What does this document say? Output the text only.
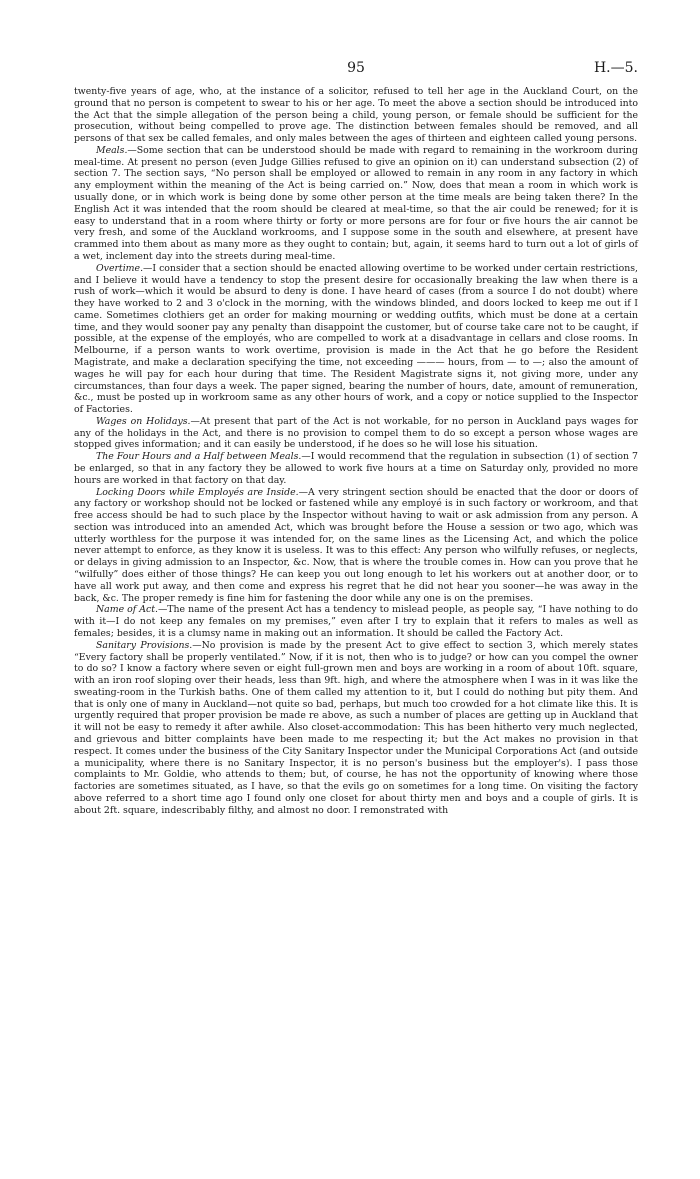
95	H.—5.

twenty-five years of age, who, at the instance of a solicitor, refused to tell her age in the Auckland Court, on the ground that no person is competent to swear to his or her age. To meet the above a section should be introduced into the Act that the simple allegation of the person being a child, young person, or female should be sufficient for the prosecution, without being compelled to prove age. The distinction between females should be removed, and all persons of that sex be called females, and only males between the ages of thirteen and eighteen called young persons.

Meals.—Some section that can be understood should be made with regard to remaining in the workroom during meal-time. At present no person (even Judge Gillies refused to give an opinion on it) can understand subsection (2) of section 7. The section says, “No person shall be employed or allowed to remain in any room in any factory in which any employment within the meaning of the Act is being carried on.” Now, does that mean a room in which work is usually done, or in which work is being done by some other person at the time meals are being taken there? In the English Act it was intended that the room should be cleared at meal-time, so that the air could be renewed; for it is easy to understand that in a room where thirty or forty or more persons are for four or five hours the air cannot be very fresh, and some of the Auckland workrooms, and I suppose some in the south and elsewhere, at present have crammed into them about as many more as they ought to contain; but, again, it seems hard to turn out a lot of girls of a wet, inclement day into the streets during meal-time.

Overtime.—I consider that a section should be enacted allowing overtime to be worked under certain restrictions, and I believe it would have a tendency to stop the present desire for occasionally breaking the law when there is a rush of work—which it would be absurd to deny is done. I have heard of cases (from a source I do not doubt) where they have worked to 2 and 3 o'clock in the morning, with the windows blinded, and doors locked to keep me out if I came. Sometimes clothiers get an order for making mourning or wedding outfits, which must be done at a certain time, and they would sooner pay any penalty than disappoint the customer, but of course take care not to be caught, if possible, at the expense of the employés, who are compelled to work at a disadvantage in cellars and close rooms. In Melbourne, if a person wants to work overtime, provision is made in the Act that he go before the Resident Magistrate, and make a declaration specifying the time, not exceeding ——— hours, from — to —; also the amount of wages he will pay for each hour during that time. The Resident Magistrate signs it, not giving more, under any circumstances, than four days a week. The paper signed, bearing the number of hours, date, amount of remuneration, &c., must be posted up in workroom same as any other hours of work, and a copy or notice supplied to the Inspector of Factories.

Wages on Holidays.—At present that part of the Act is not workable, for no person in Auckland pays wages for any of the holidays in the Act, and there is no provision to compel them to do so except a person whose wages are stopped gives information; and it can easily be understood, if he does so he will lose his situation.

The Four Hours and a Half between Meals.—I would recommend that the regulation in subsection (1) of section 7 be enlarged, so that in any factory they be allowed to work five hours at a time on Saturday only, provided no more hours are worked in that factory on that day.

Locking Doors while Employés are Inside.—A very stringent section should be enacted that the door or doors of any factory or workshop should not be locked or fastened while any employé is in such factory or workroom, and that free access should be had to such place by the Inspector without having to wait or ask admission from any person. A section was introduced into an amended Act, which was brought before the House a session or two ago, which was utterly worthless for the purpose it was intended for, on the same lines as the Licensing Act, and which the police never attempt to enforce, as they know it is useless. It was to this effect: Any person who wilfully refuses, or neglects, or delays in giving admission to an Inspector, &c. Now, that is where the trouble comes in. How can you prove that he “wilfully” does either of those things? He can keep you out long enough to let his workers out at another door, or to have all work put away, and then come and express his regret that he did not hear you sooner—he was away in the back, &c. The proper remedy is fine him for fastening the door while any one is on the premises.

Name of Act.—The name of the present Act has a tendency to mislead people, as people say, “I have nothing to do with it—I do not keep any females on my premises,” even after I try to explain that it refers to males as well as females; besides, it is a clumsy name in making out an information. It should be called the Factory Act.

Sanitary Provisions.—No provision is made by the present Act to give effect to section 3, which merely states “Every factory shall be properly ventilated.” Now, if it is not, then who is to judge? or how can you compel the owner to do so? I know a factory where seven or eight full-grown men and boys are working in a room of about 10ft. square, with an iron roof sloping over their heads, less than 9ft. high, and where the atmosphere when I was in it was like the sweating-room in the Turkish baths. One of them called my attention to it, but I could do nothing but pity them. And that is only one of many in Auckland—not quite so bad, perhaps, but much too crowded for a hot climate like this. It is urgently required that proper provision be made re above, as such a number of places are getting up in Auckland that it will not be easy to remedy it after awhile. Also closet-accommodation: This has been hitherto very much neglected, and grievous and bitter complaints have been made to me respecting it; but the Act makes no provision in that respect. It comes under the business of the City Sanitary Inspector under the Municipal Corporations Act (and outside a municipality, where there is no Sanitary Inspector, it is no person's business but the employer's). I pass those complaints to Mr. Goldie, who attends to them; but, of course, he has not the opportunity of knowing where those factories are sometimes situated, as I have, so that the evils go on sometimes for a long time. On visiting the factory above referred to a short time ago I found only one closet for about thirty men and boys and a couple of girls. It is about 2ft. square, indescribably filthy, and almost no door. I remonstrated with
